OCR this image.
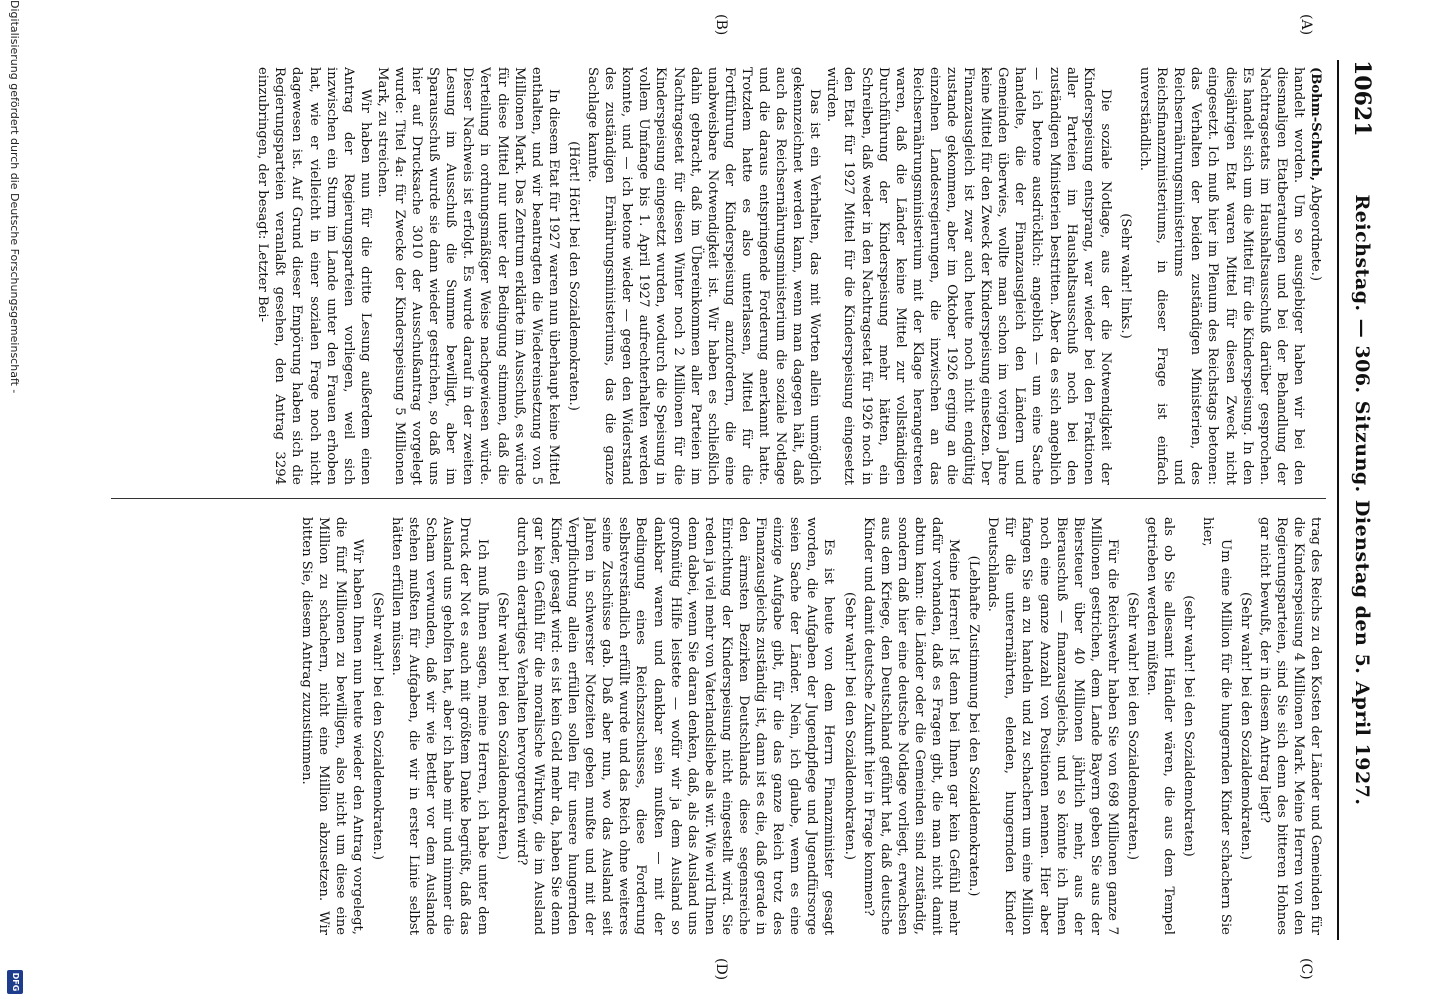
10621
Reichstag. — 306. Sitzung. Dienstag den 5. April 1927.
(A)
(B)
(C)
(D)

(Bohm-Schuch, Abgeordnete.)

handelt worden. Um so ausgiebiger haben wir bei den diesmaligen Etatberatungen und bei der Behandlung der Nachtragsetats im Haushaltsausschuß darüber gesprochen. Es handelt sich um die Mittel für die Kinderspeisung. In den diesjährigen Etat waren Mittel für diesen Zweck nicht eingesetzt. Ich muß hier im Plenum des Reichstags betonen: das Verhalten der beiden zuständigen Ministerien, des Reichsernährungsministeriums und Reichsfinanzministeriums, in dieser Frage ist einfach unverständlich.

(Sehr wahr! links.)

Die soziale Notlage, aus der die Notwendigkeit der Kinderspeisung entsprang, war wieder bei den Fraktionen aller Parteien im Haushaltsausschuß noch bei den zuständigen Ministerien bestritten. Aber da es sich angeblich — ich betone ausdrücklich: angeblich — um eine Sache handelte, die der Finanzausgleich den Ländern und Gemeinden überwies, wollte man schon im vorigen Jahre keine Mittel für den Zweck der Kinderspeisung einsetzen. Der Finanzausgleich ist zwar auch heute noch nicht endgültig zustande gekommen, aber im Oktober 1926 erging an die einzelnen Landesregierungen, die inzwischen an das Reichsernährungsministerium mit der Klage herangetreten waren, daß die Länder keine Mittel zur vollständigen Durchführung der Kinderspeisung mehr hätten, ein Schreiben, daß weder in den Nachtragsetat für 1926 noch in den Etat für 1927 Mittel für die Kinderspeisung eingesetzt würden.

Das ist ein Verhalten, das mit Worten allein unmöglich gekennzeichnet werden kann, wenn man dagegen hält, daß auch das Reichsernährungsministerium die soziale Notlage und die daraus entspringende Forderung anerkannt hatte. Trotzdem hatte es also unterlassen, Mittel für die Fortführung der Kinderspeisung anzufordern, die eine unabweisbare Notwendigkeit ist. Wir haben es schließlich dahin gebracht, daß im Übereinkommen aller Parteien im Nachtragsetat für diesen Winter noch 2 Millionen für die Kinderspeisung eingesetzt wurden, wodurch die Speisung in vollem Umfange bis 1. April 1927 aufrechterhalten werden konnte, und — ich betone wieder — gegen den Widerstand des zuständigen Ernährungsministeriums, das die ganze Sachlage kannte.

(Hört! Hört! bei den Sozialdemokraten.)

In diesem Etat für 1927 waren nun überhaupt keine Mittel enthalten, und wir beantragten die Wiedereinsetzung von 5 Millionen Mark. Das Zentrum erklärte im Ausschuß, es würde für diese Mittel nur unter der Bedingung stimmen, daß die Verteilung in ordnungsmäßiger Weise nachgewiesen würde. Dieser Nachweis ist erfolgt. Es wurde darauf in der zweiten Lesung im Ausschuß die Summe bewilligt, aber im Sparausschuß wurde sie dann wieder gestrichen, so daß uns hier auf Drucksache 3010 der Ausschußantrag vorgelegt wurde: Titel 4a: für Zwecke der Kinderspeisung 5 Millionen Mark, zu streichen.

Wir haben nun für die dritte Lesung außerdem einen Antrag der Regierungsparteien vorliegen, weil sich inzwischen ein Sturm im Lande unter den Frauen erhoben hat, wie er vielleicht in einer sozialen Frage noch nicht dagewesen ist. Auf Grund dieser Empörung haben sich die Regierungsparteien veranlaßt gesehen, den Antrag 3294 einzubringen, der besagt: Letzter Bei-

trag des Reichs zu den Kosten der Länder und Gemeinden für die Kinderspeisung 4 Millionen Mark. Meine Herren von den Regierungsparteien, sind Sie sich denn des bitteren Hohnes gar nicht bewußt, der in diesem Antrag liegt?

(Sehr wahr! bei den Sozialdemokraten.)

Um eine Million für die hungernden Kinder schachern Sie hier,

(sehr wahr! bei den Sozialdemokraten)

als ob Sie allesamt Händler wären, die aus dem Tempel getrieben werden müßten.

(Sehr wahr! bei den Sozialdemokraten.)

Für die Reichswehr haben Sie von 698 Millionen ganze 7 Millionen gestrichen, dem Lande Bayern geben Sie aus der Biersteuer über 40 Millionen jährlich mehr, aus der Bierauschuß — finanzausgleichs, und so könnte ich Ihnen noch eine ganze Anzahl von Positionen nennen. Hier aber fangen Sie an zu handeln und zu schachern um eine Million für die unterernährten, elenden, hungernden Kinder Deutschlands.

(Lebhafte Zustimmung bei den Sozialdemokraten.)

Meine Herren! Ist denn bei Ihnen gar kein Gefühl mehr dafür vorhanden, daß es Fragen gibt, die man nicht damit abtun kann: die Länder oder die Gemeinden sind zuständig, sondern daß hier eine deutsche Notlage vorliegt, erwachsen aus dem Kriege, den Deutschland geführt hat, daß deutsche Kinder und damit deutsche Zukunft hier in Frage kommen?

(Sehr wahr! bei den Sozialdemokraten.)

Es ist heute von dem Herrn Finanzminister gesagt worden, die Aufgaben der Jugendpflege und Jugendfürsorge seien Sache der Länder. Nein, ich glaube, wenn es eine einzige Aufgabe gibt, für die das ganze Reich trotz des Finanzausgleichs zuständig ist, dann ist es die, daß gerade in den ärmsten Bezirken Deutschlands diese segensreiche Einrichtung der Kinderspeisung nicht eingestellt wird. Sie reden ja viel mehr von Vaterlandsliebe als wir. Wie wird Ihnen denn dabei, wenn Sie daran denken, daß, als das Ausland uns großmütig Hilfe leistete — wofür wir ja dem Ausland so dankbar waren und dankbar sein mußten — mit der Bedingung eines Reichszuschusses, diese Forderung selbstverständlich erfüllt wurde und das Reich ohne weiteres seine Zuschüsse gab. Daß aber nun, wo das Ausland seit Jahren in schwerster Notzeiten geben mußte und mit der Verpflichtung allein erfüllen sollen für unsere hungernden Kinder, gesagt wird: es ist kein Geld mehr da, haben Sie denn gar kein Gefühl für die moralische Wirkung, die im Ausland durch ein derartiges Verhalten hervorgerufen wird?

(Sehr wahr! bei den Sozialdemokraten.)

Ich muß Ihnen sagen, meine Herren, ich habe unter dem Druck der Not es auch mit größtem Danke begrüßt, daß das Ausland uns geholfen hat, aber ich habe mir und nimmer die Scham verwunden, daß wir wie Bettler vor dem Auslande stehen mußten für Aufgaben, die wir in erster Linie selbst hätten erfüllen müssen.

(Sehr wahr! bei den Sozialdemokraten.)

Wir haben Ihnen nun heute wieder den Antrag vorgelegt, die fünf Millionen zu bewilligen, also nicht um diese eine Million zu schachern, nicht eine Million abzusetzen. Wir bitten Sie, diesem Antrag zuzustimmen.

Digitalisierung gefördert durch die Deutsche Forschungsgemeinschaft -
DFG
